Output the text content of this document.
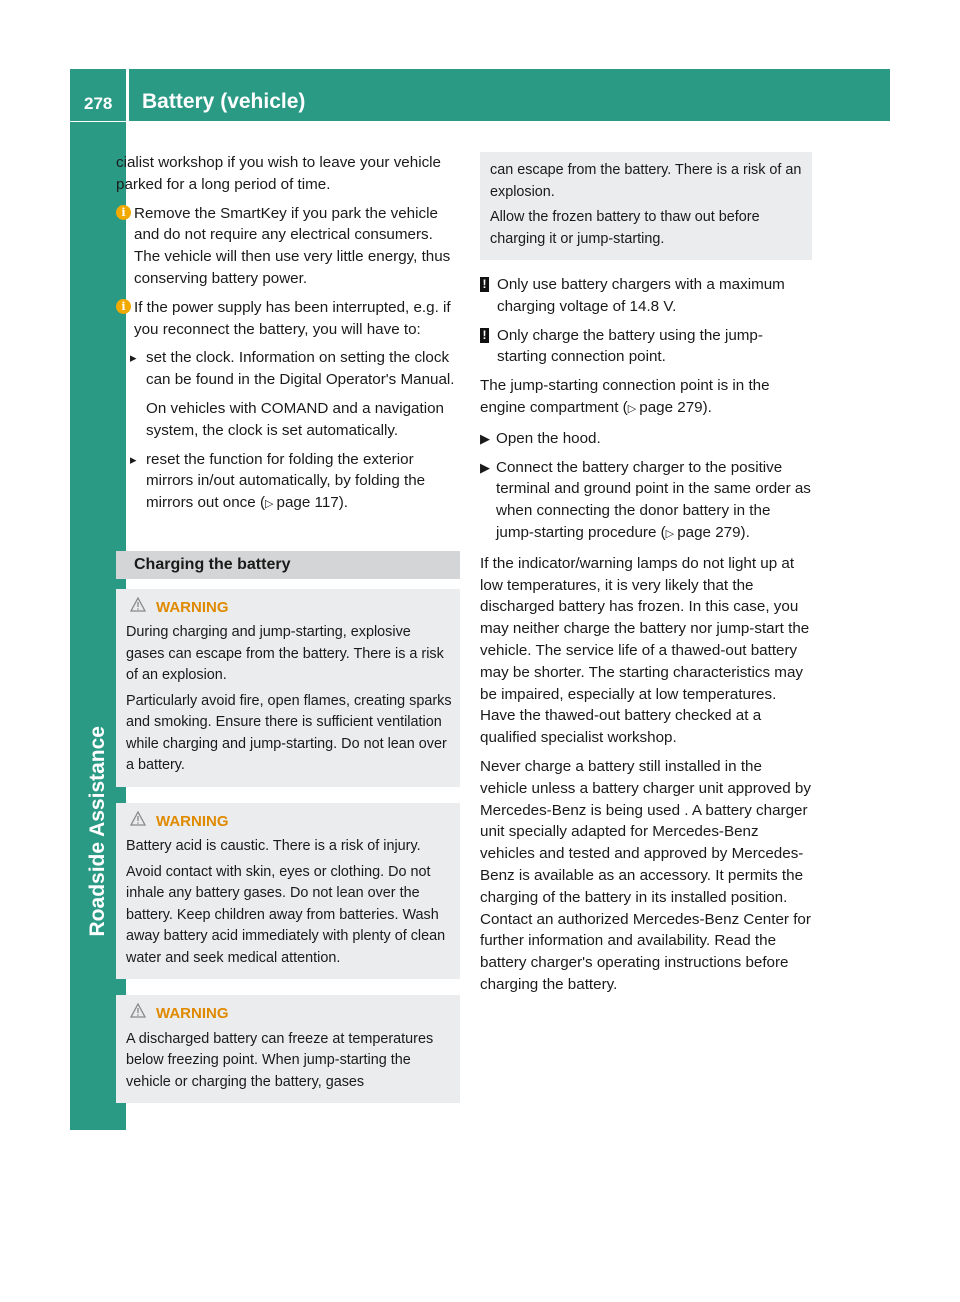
278	Battery (vehicle)
Roadside Assistance

cialist workshop if you wish to leave your vehicle parked for a long period of time.

i Remove the SmartKey if you park the vehicle and do not require any electrical consumers. The vehicle will then use very little energy, thus conserving battery power.
i If the power supply has been interrupted, e.g. if you reconnect the battery, you will have to:
▸ set the clock. Information on setting the clock can be found in the Digital Operator's Manual.
On vehicles with COMAND and a navigation system, the clock is set automatically.
▸ reset the function for folding the exterior mirrors in/out automatically, by folding the mirrors out once (▷  page 117).
Charging the battery
WARNING

During charging and jump-starting, explosive gases can escape from the battery. There is a risk of an explosion.

Particularly avoid fire, open flames, creating sparks and smoking. Ensure there is sufficient ventilation while charging and jump-starting. Do not lean over a battery.

WARNING

Battery acid is caustic. There is a risk of injury.

Avoid contact with skin, eyes or clothing. Do not inhale any battery gases. Do not lean over the battery. Keep children away from batteries. Wash away battery acid immediately with plenty of clean water and seek medical attention.

WARNING

A discharged battery can freeze at temperatures below freezing point. When jump-starting the vehicle or charging the battery, gases

can escape from the battery. There is a risk of an explosion.

Allow the frozen battery to thaw out before charging it or jump-starting.

! Only use battery chargers with a maximum charging voltage of 14.8 V.
! Only charge the battery using the jump-starting connection point.

The jump-starting connection point is in the engine compartment (▷  page 279).

▶ Open the hood.
▶ Connect the battery charger to the positive terminal and ground point in the same order as when connecting the donor battery in the jump-starting procedure (▷  page 279).

If the indicator/warning lamps do not light up at low temperatures, it is very likely that the discharged battery has frozen. In this case, you may neither charge the battery nor jump-start the vehicle. The service life of a thawed-out battery may be shorter. The starting characteristics may be impaired, especially at low temperatures. Have the thawed-out battery checked at a qualified specialist workshop.

Never charge a battery still installed in the vehicle unless a battery charger unit approved by Mercedes-Benz is being used . A battery charger unit specially adapted for Mercedes-Benz vehicles and tested and approved by Mercedes-Benz is available as an accessory. It permits the charging of the battery in its installed position. Contact an authorized Mercedes-Benz Center for further information and availability. Read the battery charger's operating instructions before charging the battery.
